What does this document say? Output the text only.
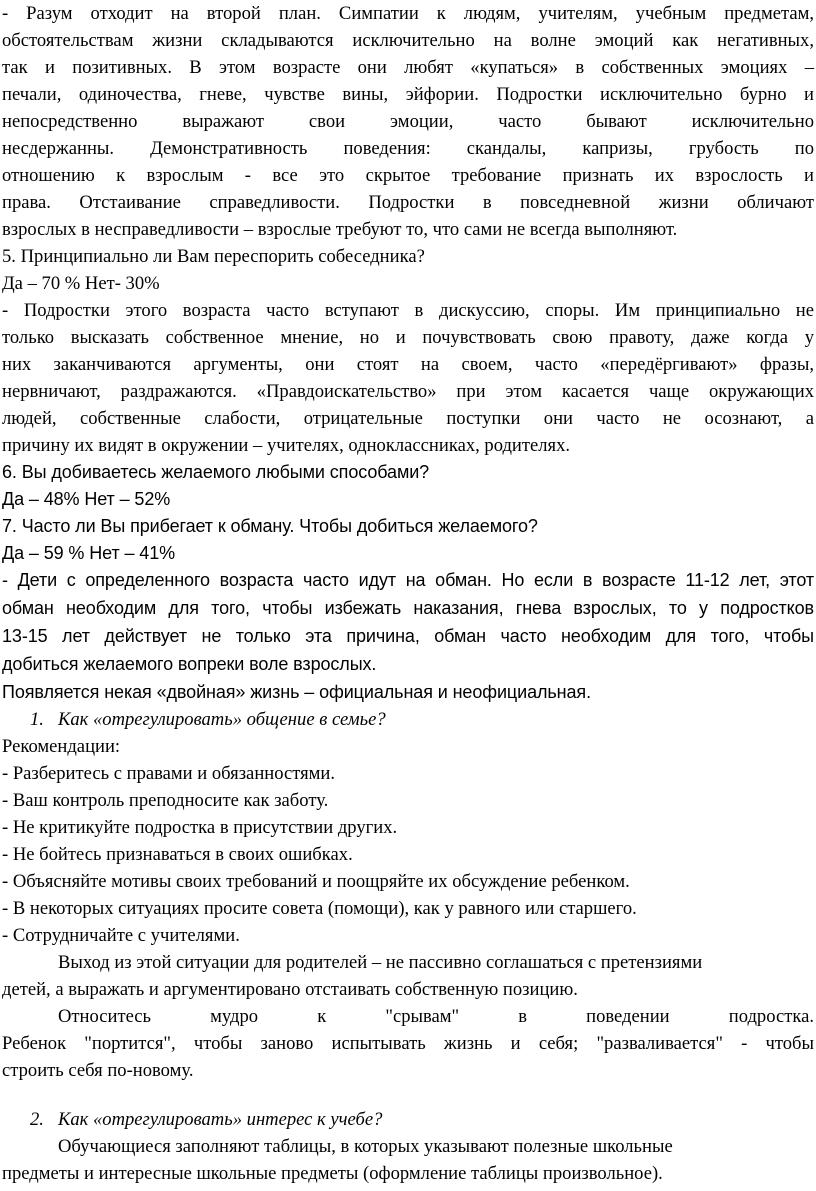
- Разум отходит на второй план. Симпатии к людям, учителям, учебным предметам,
обстоятельствам жизни складываются исключительно на волне эмоций как негативных,
так и позитивных. В этом возрасте они любят «купаться» в собственных эмоциях –
печали, одиночества, гневе, чувстве вины, эйфории. Подростки исключительно бурно и
непосредственно выражают свои эмоции, часто бывают исключительно
несдержанны. Демонстративность поведения: скандалы, капризы, грубость по
отношению к взрослым - все это скрытое требование признать их взрослость и
права. Отстаивание справедливости. Подростки в повседневной жизни обличают
взрослых в несправедливости – взрослые требуют то, что сами не всегда выполняют.
5. Принципиально ли Вам переспорить собеседника?
Да – 70 % Нет- 30%
- Подростки этого возраста часто вступают в дискуссию, споры. Им принципиально не
только высказать собственное мнение, но и почувствовать свою правоту, даже когда у
них заканчиваются аргументы, они стоят на своем, часто «передёргивают» фразы,
нервничают, раздражаются. «Правдоискательство» при этом касается чаще окружающих
людей, собственные слабости, отрицательные поступки они часто не осознают, а
причину их видят в окружении – учителях, одноклассниках, родителях.
6. Вы добиваетесь желаемого любыми способами?
Да – 48% Нет – 52%
7. Часто ли Вы прибегает к обману. Чтобы добиться желаемого?
Да – 59 % Нет – 41%
- Дети с определенного возраста часто идут на обман. Но если в возрасте 11-12 лет, этот
обман необходим для того, чтобы избежать наказания, гнева взрослых, то у подростков
13-15 лет действует не только эта причина, обман часто необходим для того, чтобы
добиться желаемого вопреки воле взрослых.
Появляется некая «двойная» жизнь – официальная и неофициальная.
1. Как «отрегулировать» общение в семье?
Рекомендации:
- Разберитесь с правами и обязанностями.
- Ваш контроль преподносите как заботу.
- Не критикуйте подростка в присутствии других.
- Не бойтесь признаваться в своих ошибках.
- Объясняйте мотивы своих требований и поощряйте их обсуждение ребенком.
- В некоторых ситуациях просите совета (помощи), как у равного или старшего.
- Сотрудничайте с учителями.
Выход из этой ситуации для родителей – не пассивно соглашаться с претензиями
детей, а выражать и аргументировано отстаивать собственную позицию.
Относитесь мудро к "срывам" в поведении подростка.
Ребенок "портится", чтобы заново испытывать жизнь и себя; "разваливается" - чтобы
строить себя по-новому.
2. Как «отрегулировать» интерес к учебе?
Обучающиеся заполняют таблицы, в которых указывают полезные школьные
предметы и интересные школьные предметы (оформление таблицы произвольное).
